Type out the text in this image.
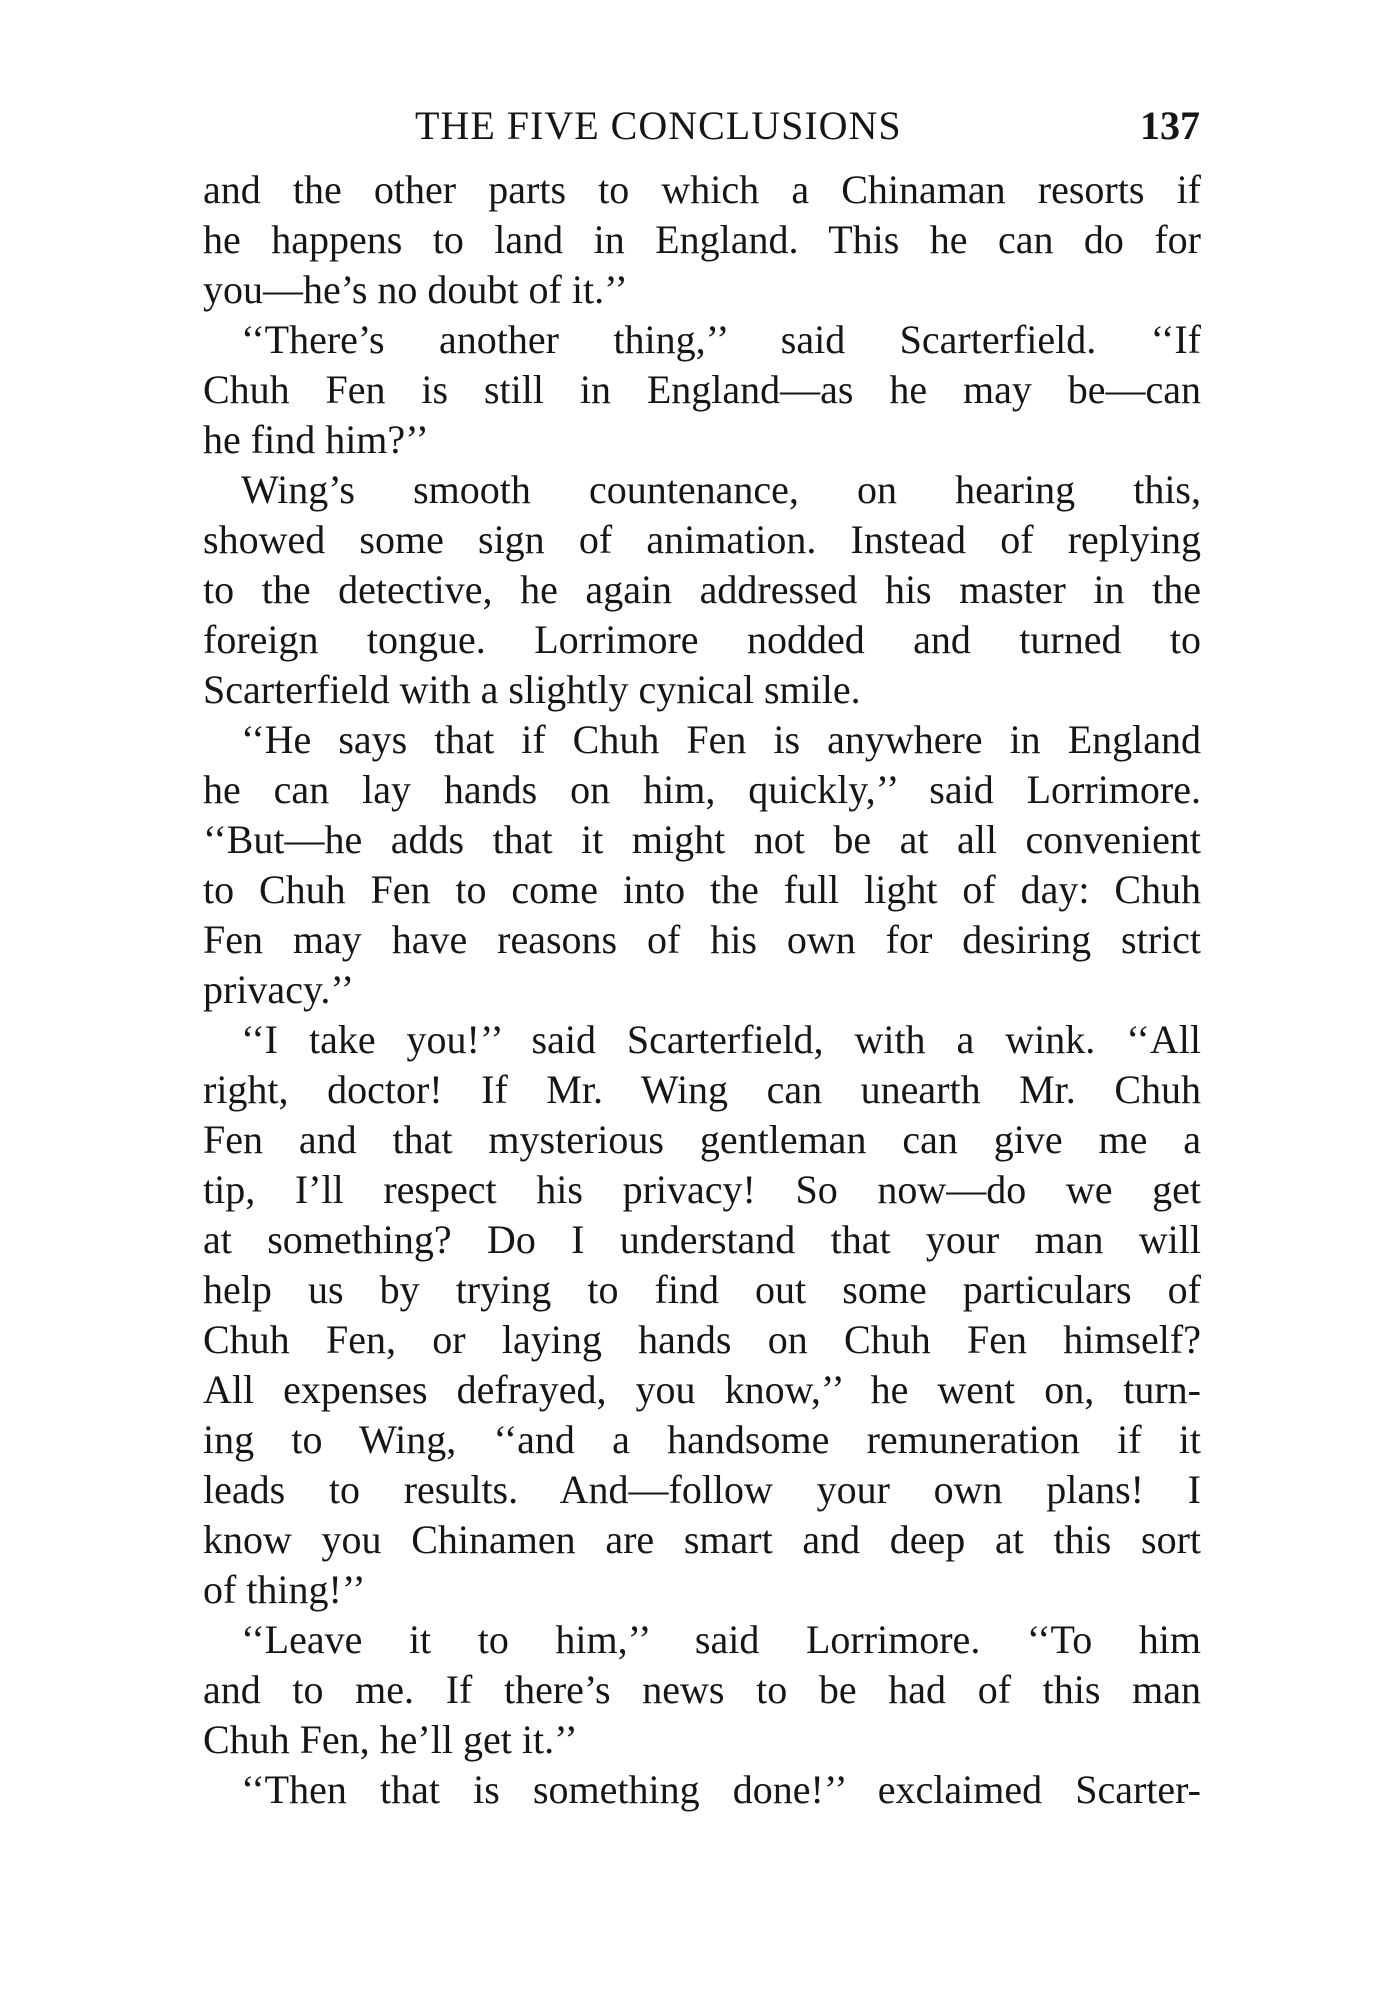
THE FIVE CONCLUSIONS	137
and the other parts to which a Chinaman resorts if
he happens to land in England. This he can do for
you—he’s no doubt of it.’’
‘‘There’s another thing,’’ said Scarterfield. ‘‘If
Chuh Fen is still in England—as he may be—can
he find him?’’
Wing’s smooth countenance, on hearing this,
showed some sign of animation. Instead of replying
to the detective, he again addressed his master in the
foreign tongue. Lorrimore nodded and turned to
Scarterfield with a slightly cynical smile.
‘‘He says that if Chuh Fen is anywhere in England
he can lay hands on him, quickly,’’ said Lorrimore.
‘‘But—he adds that it might not be at all convenient
to Chuh Fen to come into the full light of day: Chuh
Fen may have reasons of his own for desiring strict
privacy.’’
‘‘I take you!’’ said Scarterfield, with a wink. ‘‘All
right, doctor! If Mr. Wing can unearth Mr. Chuh
Fen and that mysterious gentleman can give me a
tip, I’ll respect his privacy! So now—do we get
at something? Do I understand that your man will
help us by trying to find out some particulars of
Chuh Fen, or laying hands on Chuh Fen himself?
All expenses defrayed, you know,’’ he went on, turn-
ing to Wing, ‘‘and a handsome remuneration if it
leads to results. And—follow your own plans! I
know you Chinamen are smart and deep at this sort
of thing!’’
‘‘Leave it to him,’’ said Lorrimore. ‘‘To him
and to me. If there’s news to be had of this man
Chuh Fen, he’ll get it.’’
‘‘Then that is something done!’’ exclaimed Scarter-
